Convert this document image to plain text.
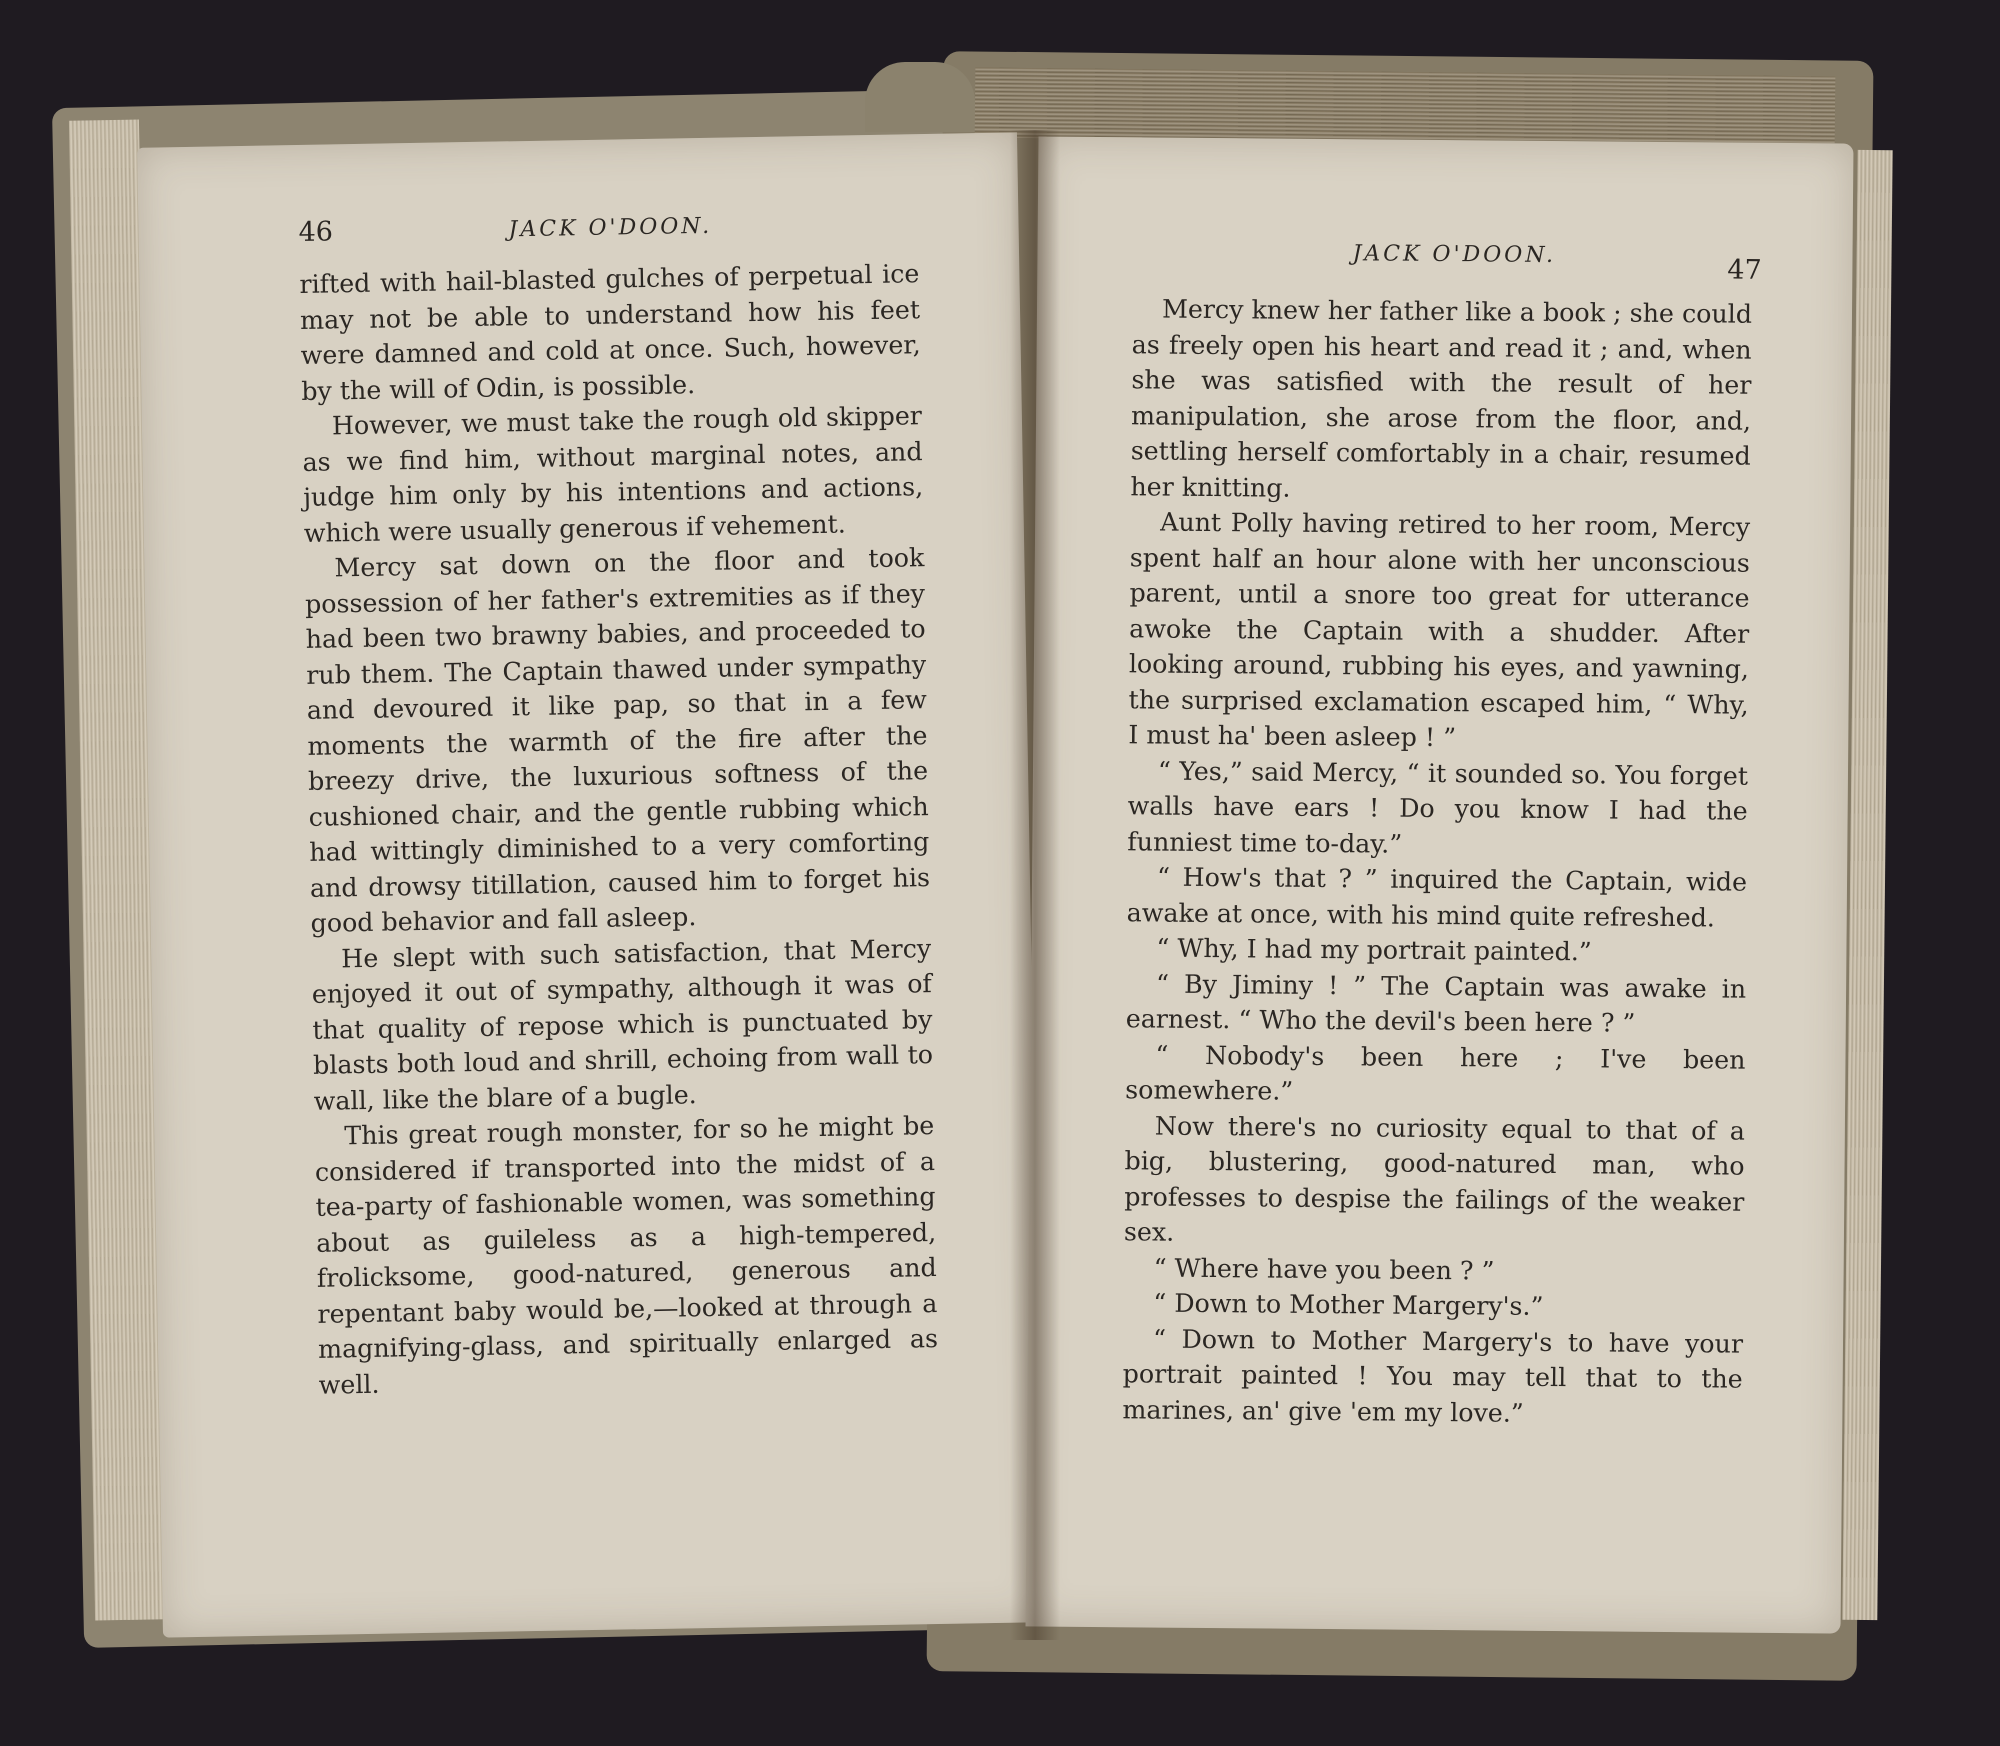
46	JACK O'DOON.

rifted with hail-blasted gulches of perpetual ice may not be able to understand how his feet were damned and cold at once. Such, however, by the will of Odin, is possible.

However, we must take the rough old skipper as we find him, without marginal notes, and judge him only by his intentions and actions, which were usually generous if vehement.

Mercy sat down on the floor and took possession of her father's extremities as if they had been two brawny babies, and proceeded to rub them. The Captain thawed under sympathy and devoured it like pap, so that in a few moments the warmth of the fire after the breezy drive, the luxurious softness of the cushioned chair, and the gentle rubbing which had wittingly diminished to a very comforting and drowsy titillation, caused him to forget his good behavior and fall asleep.

He slept with such satisfaction, that Mercy enjoyed it out of sympathy, although it was of that quality of repose which is punctuated by blasts both loud and shrill, echoing from wall to wall, like the blare of a bugle.

This great rough monster, for so he might be considered if transported into the midst of a tea-party of fashionable women, was something about as guileless as a high-tempered, frolicksome, good-natured, generous and repentant baby would be,—looked at through a magnifying-glass, and spiritually enlarged as well.

JACK O'DOON.	47

Mercy knew her father like a book ; she could as freely open his heart and read it ; and, when she was satisfied with the result of her manipulation, she arose from the floor, and, settling herself comfortably in a chair, resumed her knitting.

Aunt Polly having retired to her room, Mercy spent half an hour alone with her unconscious parent, until a snore too great for utterance awoke the Captain with a shudder. After looking around, rubbing his eyes, and yawning, the surprised exclamation escaped him, “ Why, I must ha' been asleep ! ”

“ Yes,” said Mercy, “ it sounded so. You forget walls have ears ! Do you know I had the funniest time to-day.”

“ How's that ? ” inquired the Captain, wide awake at once, with his mind quite refreshed.

“ Why, I had my portrait painted.”

“ By Jiminy ! ” The Captain was awake in earnest. “ Who the devil's been here ? ”

“ Nobody's been here ; I've been somewhere.”

Now there's no curiosity equal to that of a big, blustering, good-natured man, who professes to despise the failings of the weaker sex.

“ Where have you been ? ”

“ Down to Mother Margery's.”

“ Down to Mother Margery's to have your portrait painted ! You may tell that to the marines, an' give 'em my love.”
